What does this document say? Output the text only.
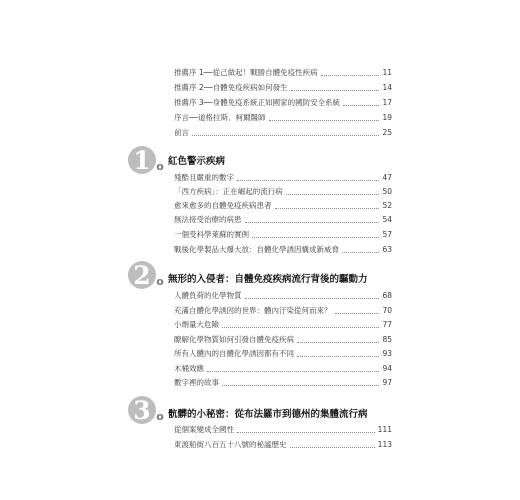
推薦序 1──從己做起！戰勝自體免疫性疾病	11
推薦序 2──自體免疫疾病如何發生	14
推薦序 3──身體免疫系統正如國家的國防安全系統	17
序言──道格拉斯．柯爾醫師	19
前言	25
1 o 紅色警示疾病
殘酷且嚴重的數字	47
「西方疾病」：正在崛起的流行病	50
愈來愈多的自體免疫疾病患者	52
無法接受治療的病患	54
一個受科學萊蘇的實例	57
戰後化學製品大爆大放：自體化學誘因構成新威脅	63
2 o 無形的入侵者：自體免疫疾病流行背後的驅動力
人體負荷的化學物質	68
充滿自體化學誘因的世界：體內汙染從何而來？	70
小劑量大危險	77
瞭解化學物質如何引發自體免疫疾病	85
所有人體內的自體化學誘因都有不同	93
木桶效應	94
數字裡的故事	97
3 o 骯髒的小秘密：從布法羅市到德州的集體流行病
從個案變成全國性	111
東渡船街八百五十八號的秘謐歷史	113
